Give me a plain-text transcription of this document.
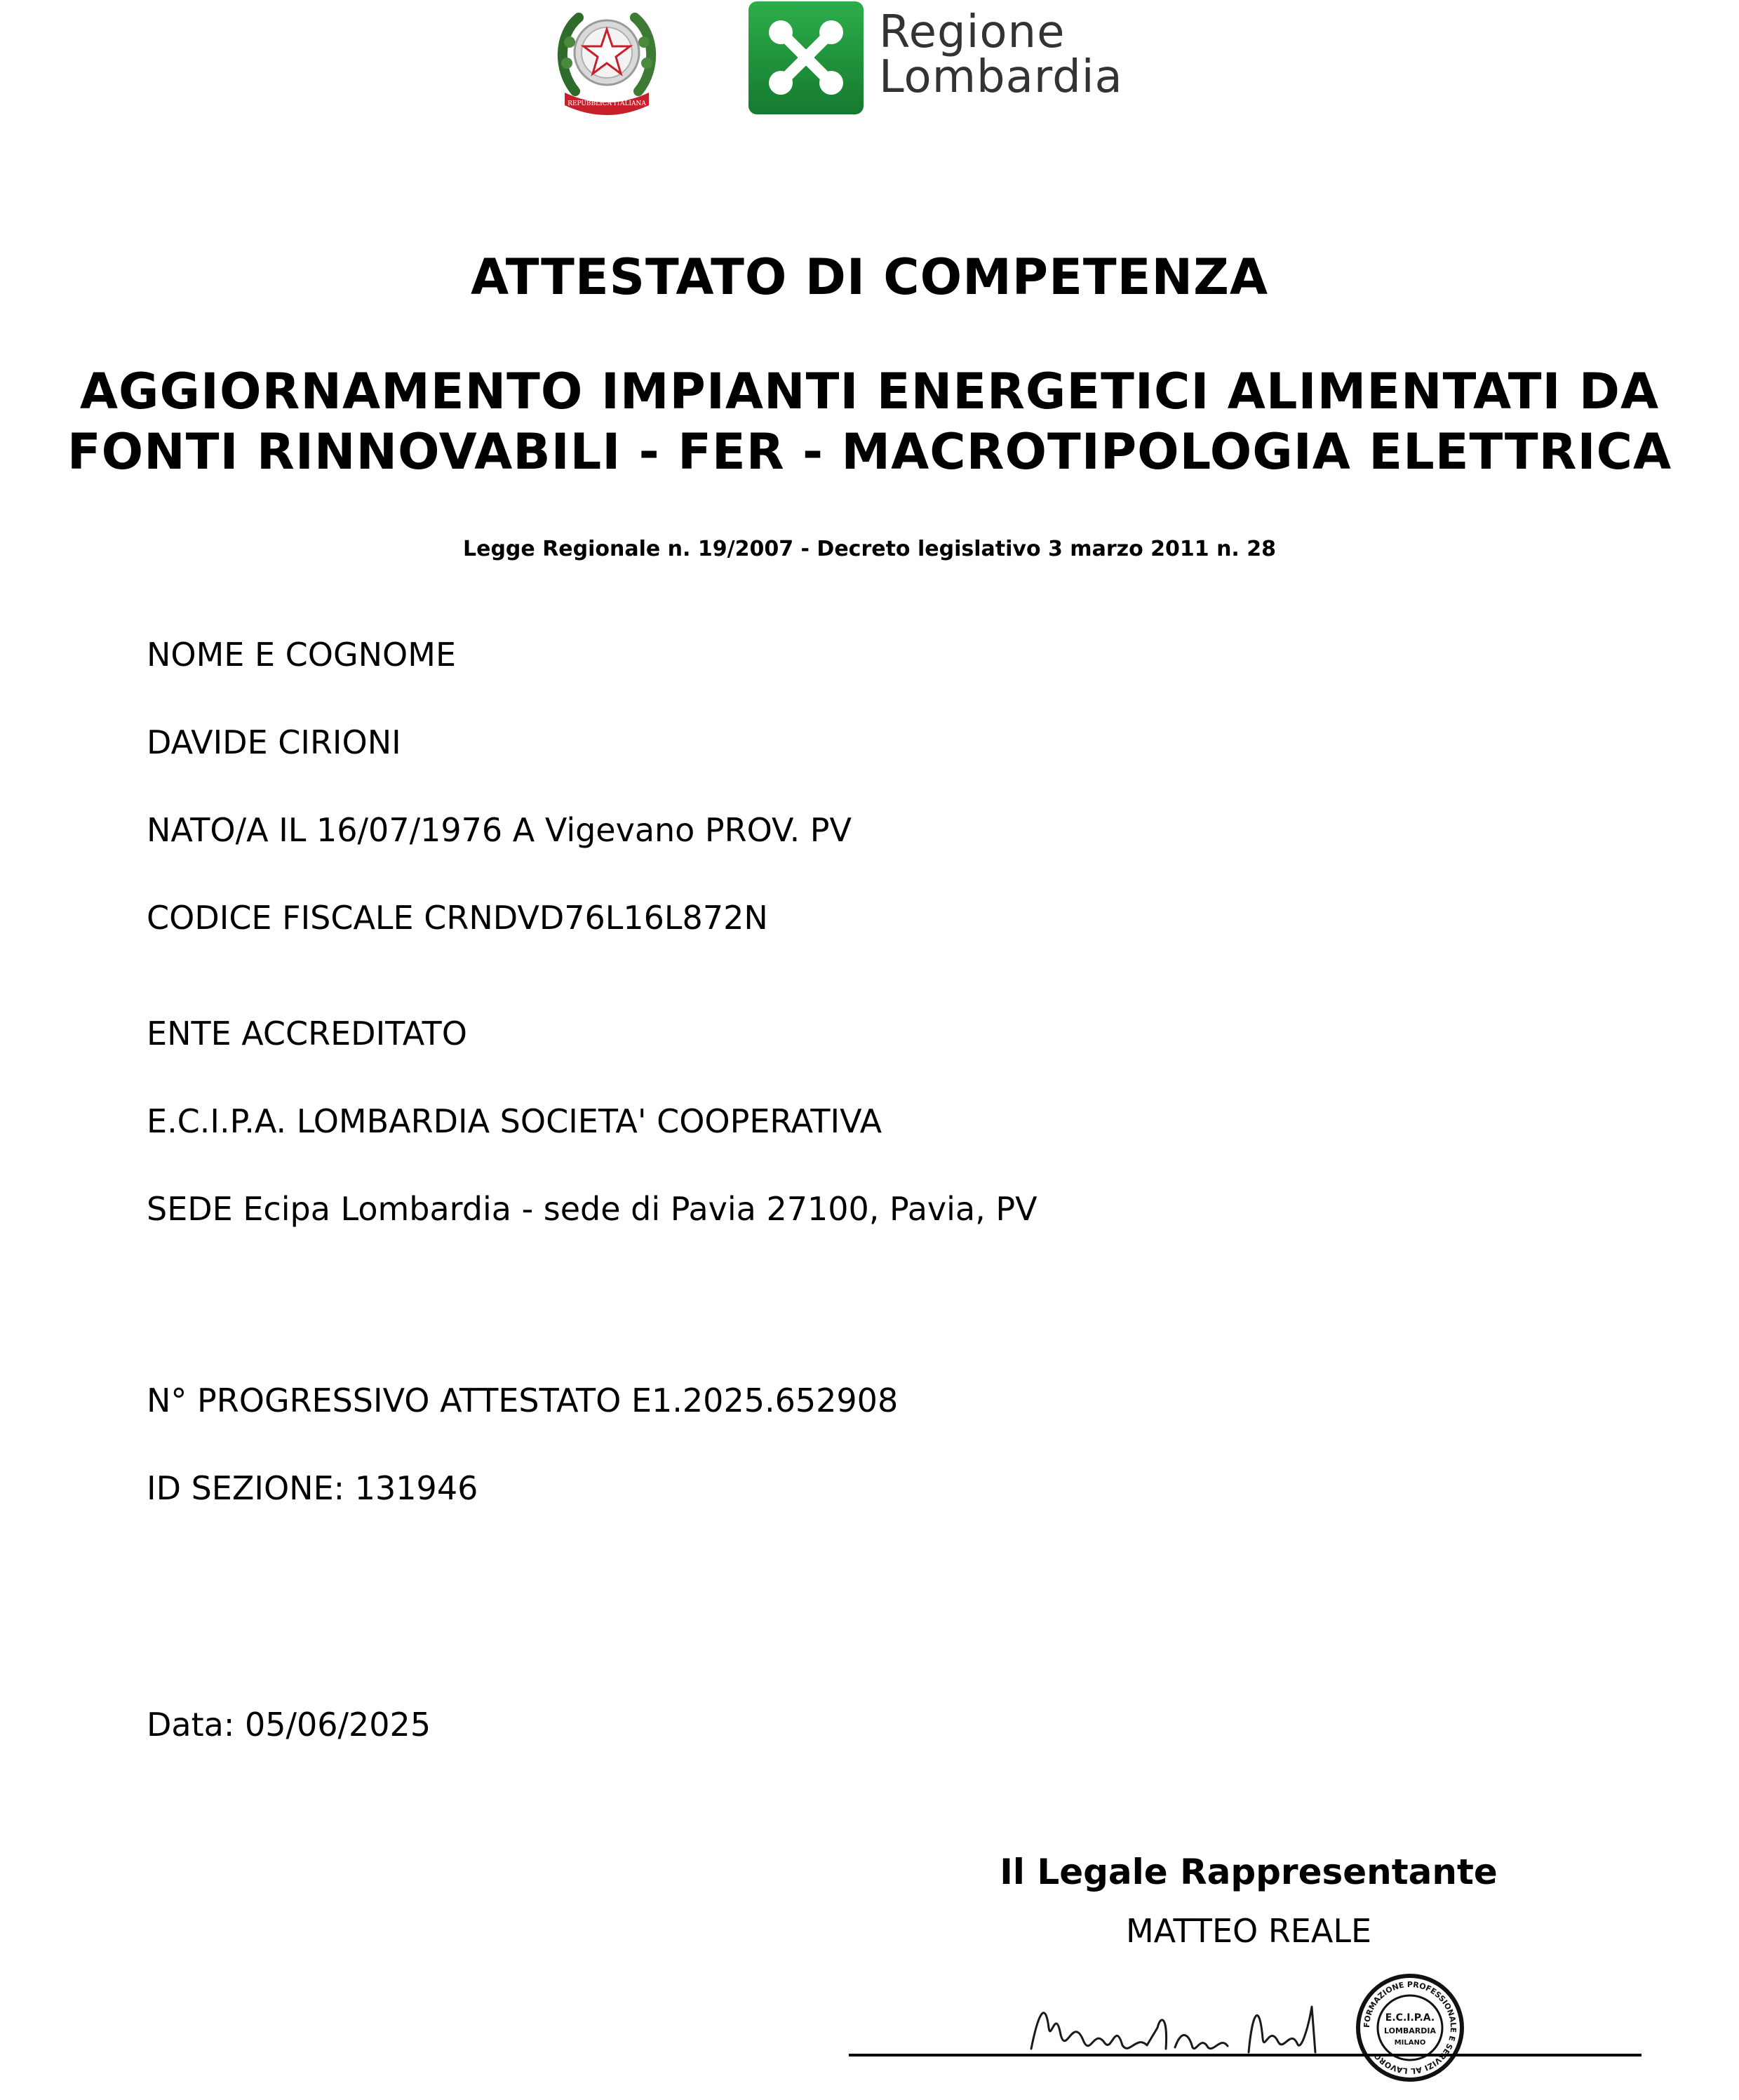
REPUBBLICA ITALIANA
Regione
Lombardia
ATTESTATO DI COMPETENZA
AGGIORNAMENTO IMPIANTI ENERGETICI ALIMENTATI DA
FONTI RINNOVABILI - FER - MACROTIPOLOGIA ELETTRICA
Legge Regionale n. 19/2007 - Decreto legislativo 3 marzo 2011 n. 28
NOME E COGNOME
DAVIDE CIRIONI
NATO/A IL 16/07/1976 A Vigevano PROV. PV
CODICE FISCALE CRNDVD76L16L872N
ENTE ACCREDITATO
E.C.I.P.A. LOMBARDIA SOCIETA' COOPERATIVA
SEDE Ecipa Lombardia - sede di Pavia 27100, Pavia, PV
N° PROGRESSIVO ATTESTATO E1.2025.652908
ID SEZIONE: 131946
Data: 05/06/2025
Il Legale Rappresentante
MATTEO REALE
FORMAZIONE PROFESSIONALE E SERVIZI AL LAVORO
E.C.I.P.A.
LOMBARDIA
MILANO
